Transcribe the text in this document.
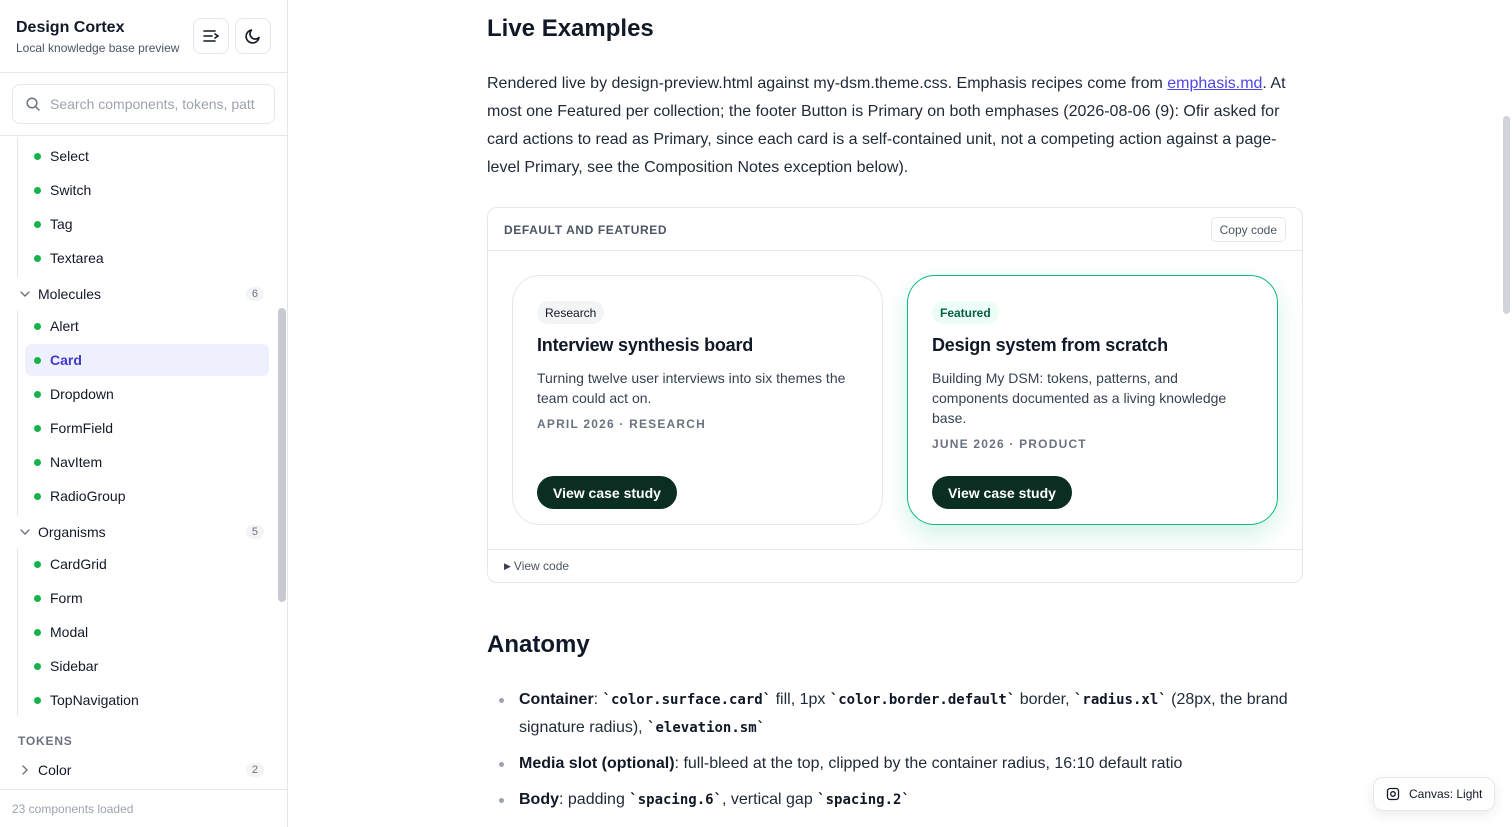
Design Cortex
Local knowledge base preview
Search components, tokens, patterns
Select
Switch
Tag
Textarea
Molecules	6
Alert
Card
Dropdown
FormField
NavItem
RadioGroup
Organisms	5
CardGrid
Form
Modal
Sidebar
TopNavigation
TOKENS
Color	2
23 components loaded
Live Examples

Rendered live by design-preview.html against my-dsm.theme.css. Emphasis recipes come from emphasis.md. At most one Featured per collection; the footer Button is Primary on both emphases (2026-08-06 (9): Ofir asked for card actions to read as Primary, since each card is a self-contained unit, not a competing action against a page-level Primary, see the Composition Notes exception below).

DEFAULT AND FEATURED	Copy code
Research
Interview synthesis board
Turning twelve user interviews into six themes the team could act on.
APRIL 2026 · RESEARCH
View case study
Featured
Design system from scratch
Building My DSM: tokens, patterns, and components documented as a living knowledge base.
JUNE 2026 · PRODUCT
View case study
▶ View code
Anatomy
Container: `color.surface.card` fill, 1px `color.border.default` border, `radius.xl` (28px, the brand signature radius), `elevation.sm`
Media slot (optional): full-bleed at the top, clipped by the container radius, 16:10 default ratio
Body: padding `spacing.6`, vertical gap `spacing.2`	Canvas: Light
